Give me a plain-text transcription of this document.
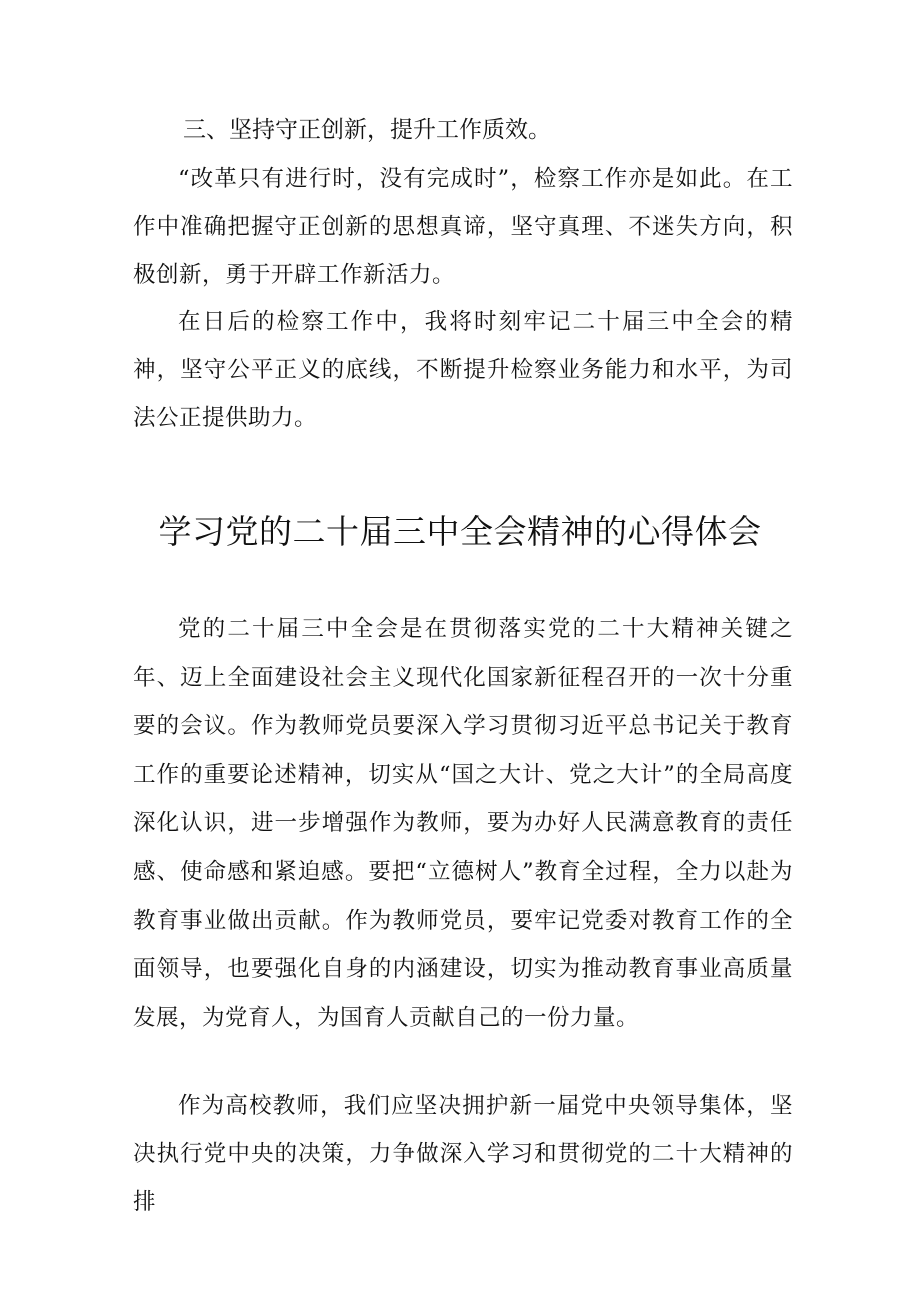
三、坚持守正创新，提升工作质效。

“改革只有进行时，没有完成时”，检察工作亦是如此。在工作中准确把握守正创新的思想真谛，坚守真理、不迷失方向，积极创新，勇于开辟工作新活力。

在日后的检察工作中，我将时刻牢记二十届三中全会的精神，坚守公平正义的底线，不断提升检察业务能力和水平，为司法公正提供助力。

学习党的二十届三中全会精神的心得体会

党的二十届三中全会是在贯彻落实党的二十大精神关键之年、迈上全面建设社会主义现代化国家新征程召开的一次十分重要的会议。作为教师党员要深入学习贯彻习近平总书记关于教育工作的重要论述精神，切实从“国之大计、党之大计”的全局高度深化认识，进一步增强作为教师，要为办好人民满意教育的责任感、使命感和紧迫感。要把“立德树人”教育全过程，全力以赴为教育事业做出贡献。作为教师党员，要牢记党委对教育工作的全面领导，也要强化自身的内涵建设，切实为推动教育事业高质量发展，为党育人，为国育人贡献自己的一份力量。

作为高校教师，我们应坚决拥护新一届党中央领导集体，坚决执行党中央的决策，力争做深入学习和贯彻党的二十大精神的排
